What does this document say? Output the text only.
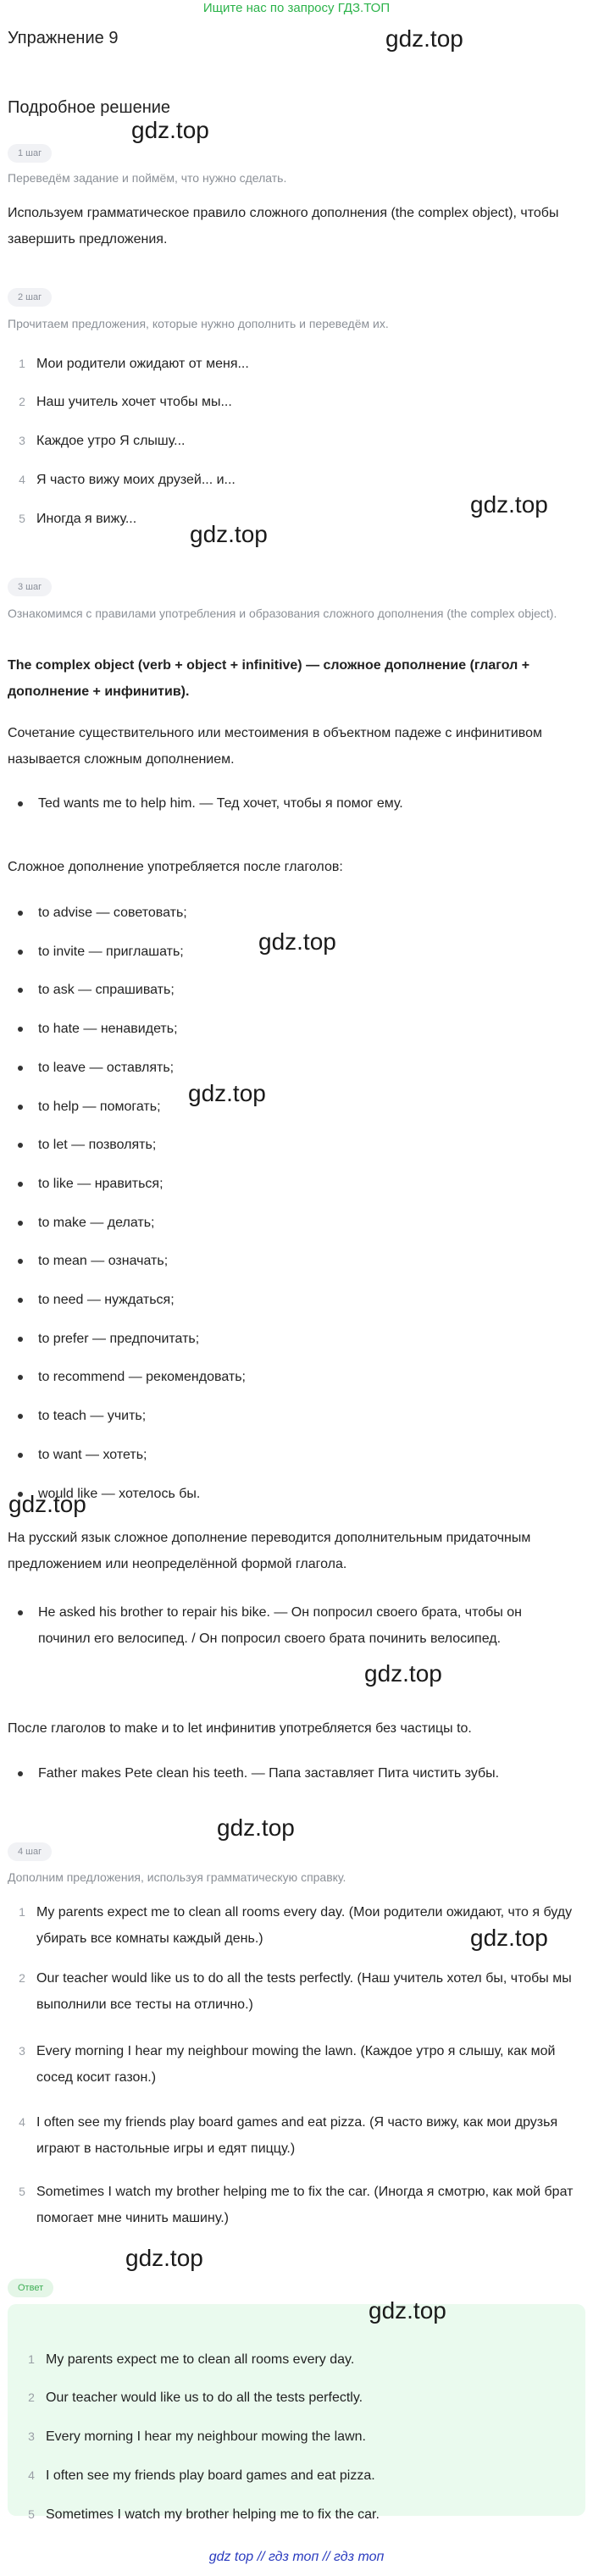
Ищите нас по запросу ГДЗ.ТОП
Упражнение 9	gdz.top
Подробное решение
gdz.top
1 шаг
Переведём задание и поймём, что нужно сделать.
Используем грамматическое правило сложного дополнения (the complex object), чтобы завершить предложения.
2 шаг
Прочитаем предложения, которые нужно дополнить и переведём их.
1 Мои родители ожидают от меня...
2 Наш учитель хочет чтобы мы...
3 Каждое утро Я слышу...
4 Я часто вижу моих друзей... и...
5 Иногда я вижу...
gdz.top
gdz.top
3 шаг
Ознакомимся с правилами употребления и образования сложного дополнения (the complex object).
The complex object (verb + object + infinitive) — сложное дополнение (глагол + дополнение + инфинитив).
Сочетание существительного или местоимения в объектном падеже с инфинитивом называется сложным дополнением.
Ted wants me to help him. — Тед хочет, чтобы я помог ему.
Сложное дополнение употребляется после глаголов:
to advise — советовать;
to invite — приглашать;
to ask — спрашивать;
to hate — ненавидеть;
to leave — оставлять;
to help — помогать;
to let — позволять;
to like — нравиться;
to make — делать;
to mean — означать;
to need — нуждаться;
to prefer — предпочитать;
to recommend — рекомендовать;
to teach — учить;
to want — хотеть;
would like — хотелось бы.
gdz.top
gdz.top
gdz.top
На русский язык сложное дополнение переводится дополнительным придаточным предложением или неопределённой формой глагола.
He asked his brother to repair his bike. — Он попросил своего брата, чтобы он починил его велосипед. / Он попросил своего брата починить велосипед.
gdz.top
После глаголов to make и to let инфинитив употребляется без частицы to.
Father makes Pete clean his teeth. — Папа заставляет Пита чистить зубы.
gdz.top
4 шаг
Дополним предложения, используя грамматическую справку.
1 My parents expect me to clean all rooms every day. (Мои родители ожидают, что я буду убирать все комнаты каждый день.)
2 Our teacher would like us to do all the tests perfectly. (Наш учитель хотел бы, чтобы мы выполнили все тесты на отлично.)
3 Every morning I hear my neighbour mowing the lawn. (Каждое утро я слышу, как мой сосед косит газон.)
4 I often see my friends play board games and eat pizza. (Я часто вижу, как мои друзья играют в настольные игры и едят пиццу.)
5 Sometimes I watch my brother helping me to fix the car. (Иногда я смотрю, как мой брат помогает мне чинить машину.)
gdz.top
gdz.top
Ответ
gdz.top
1 My parents expect me to clean all rooms every day.
2 Our teacher would like us to do all the tests perfectly.
3 Every morning I hear my neighbour mowing the lawn.
4 I often see my friends play board games and eat pizza.
5 Sometimes I watch my brother helping me to fix the car.
gdz top // гдз топ // гдз топ
